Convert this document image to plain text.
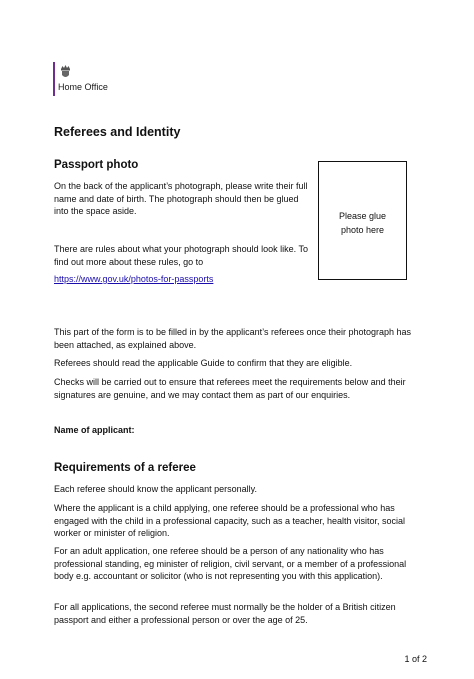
Home Office
Referees and Identity
Passport photo

On the back of the applicant’s photograph, please write their full name and date of birth. The photograph should then be glued into the space aside.

There are rules about what your photograph should look like. To find out more about these rules, go to

https://www.gov.uk/photos-for-passports
Please glue
photo here

This part of the form is to be filled in by the applicant’s referees once their photograph has been attached, as explained above.

Referees should read the applicable Guide to confirm that they are eligible.

Checks will be carried out to ensure that referees meet the requirements below and their signatures are genuine, and we may contact them as part of our enquiries.

Name of applicant:
Requirements of a referee

Each referee should know the applicant personally.

Where the applicant is a child applying, one referee should be a professional who has engaged with the child in a professional capacity, such as a teacher, health visitor, social worker or minister of religion.

For an adult application, one referee should be a person of any nationality who has professional standing, eg minister of religion, civil servant, or a member of a professional body e.g. accountant or solicitor (who is not representing you with this application).

For all applications, the second referee must normally be the holder of a British citizen passport and either a professional person or over the age of 25.

1 of 2
